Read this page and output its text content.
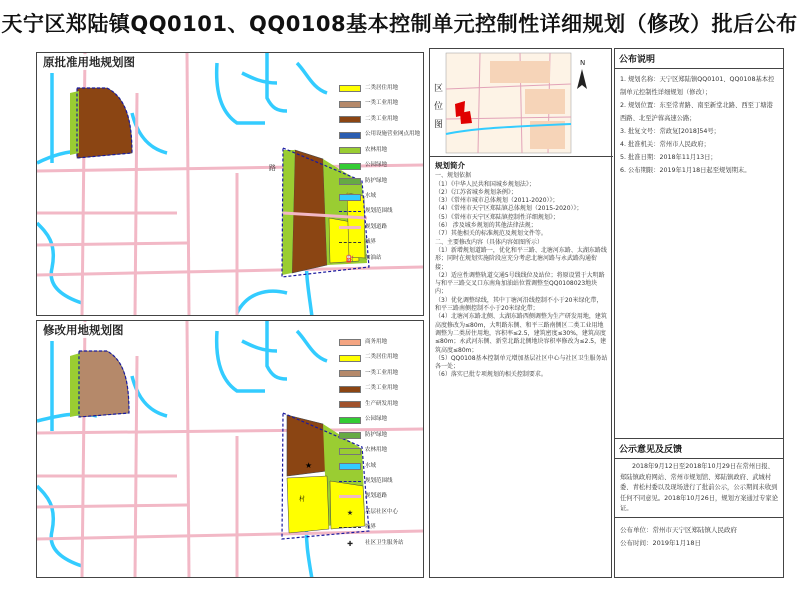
天宁区郑陆镇QQ0101、QQ0108基本控制单元控制性详细规划（修改）批后公布
原批准用地规划图
路
二类居住用地
一类工业用地
二类工业用地
公用设施营业网点用地
农林用地
公园绿地
防护绿地
水域
规划范围线
规划道路
城界
⛽	加油站
修改用地规划图
★
村
商务用地
二类居住用地
一类工业用地
二类工业用地
生产研发用地
公园绿地
防护绿地
农林用地
水域
规划范围线
规划道路
★	基层社区中心
城界
✚	社区卫生服务站
区
位
图
N
规划简介

一、规划依据

（1）《中华人民共和国城乡规划法》；

（2）《江苏省城乡规划条例》；

（3）《常州市城市总体规划（2011-2020）》；

（4）《常州市天宁区郑陆镇总体规划（2015-2020）》；

（5）《常州市天宁区郑陆镇控制性详细规划》；

（6） 涉及城乡规划的其他法律法规；

（7）其他相关的标准规范及规划文件等。

二、主要修改内容（具体内容如图所示）

（1）新增规划道路一，优化和平三路、北塘河东路、太湖东路线形；同时在规划实施阶段应充分考虑北塘河路与永武路沟通衔接；

（2）适应性调整轨道交通5号线线位及站位；将原设置于大明路与和平三路交叉口东南角加油站位置调整至QQ0108023地块内；

（3）优化调整绿线，其中丁塘河沿线控制不小于20米绿化带，和平三路南侧控制不小于20米绿化带；

（4）北塘河东路北侧、太湖东路西侧调整为生产研发用地，建筑高度修改为≤80m，大明路东侧、和平三路南侧区二类工业用地调整为二类居住用地，容积率≤2.5，建筑密度≤30%，建筑高度≤80m；永武河东侧、新堂北路北侧地块容积率修改为≤2.5，建筑高度≤80m；

（5）QQ0108基本控制单元增加基层社区中心与社区卫生服务站各一处；

（6）落实已批专项规划的相关控制要求。

公布说明

1. 规划名称：天宁区郑陆镇QQ0101、QQ0108基本控制单元控制性详细规划（修改）；

2. 规划位置：东至常青路、南至新堂北路、西至丁塘港西路、北至沪蓉高速公路；

3. 批复文号：常政复[2018]54号；

4. 批准机关：常州市人民政府；

5. 批准日期：2018年11月13日；

6. 公布期限：2019年1月18日起至规划期末。

公示意见及反馈
2018年9月12日至2018年10月29日在常州日报、郑陆镇政府网站、常州市规划馆、郑陆镇政府、武城村委、青松村委以及现场进行了批前公示，公示期间未收到任何不同意见。2018年10月26日，规划方案通过专家论证。
公布单位：常州市天宁区郑陆镇人民政府
公布时间：2019年1月18日
